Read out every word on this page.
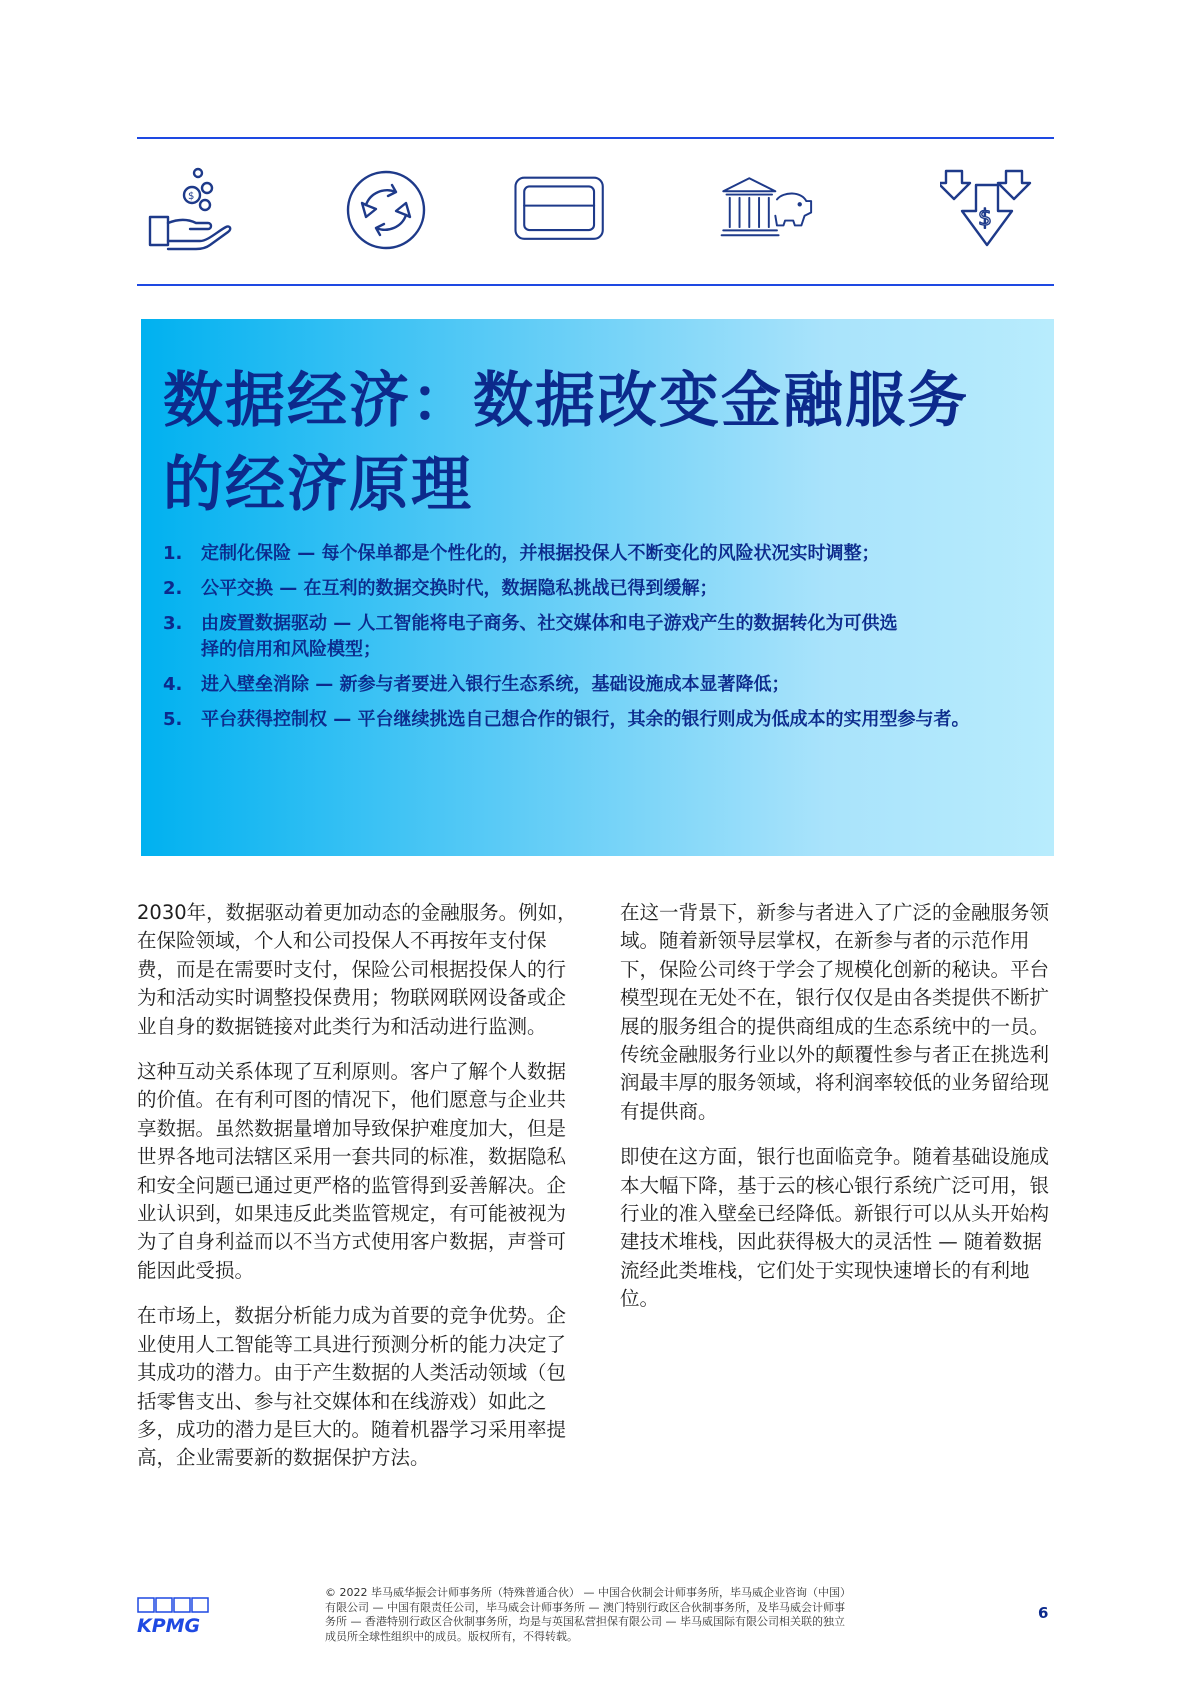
$
$
数据经济：数据改变金融服务
的经济原理
1. 定制化保险 — 每个保单都是个性化的，并根据投保人不断变化的风险状况实时调整；
2. 公平交换 — 在互利的数据交换时代，数据隐私挑战已得到缓解；
3. 由废置数据驱动 — 人工智能将电子商务、社交媒体和电子游戏产生的数据转化为可供选
择的信用和风险模型；
4. 进入壁垒消除 — 新参与者要进入银行生态系统，基础设施成本显著降低；
5. 平台获得控制权 — 平台继续挑选自己想合作的银行，其余的银行则成为低成本的实用型参与者。

2030年，数据驱动着更加动态的金融服务。例如，在保险领域，个人和公司投保人不再按年支付保费，而是在需要时支付，保险公司根据投保人的行为和活动实时调整投保费用；物联网联网设备或企业自身的数据链接对此类行为和活动进行监测。

这种互动关系体现了互利原则。客户了解个人数据的价值。在有利可图的情况下，他们愿意与企业共享数据。虽然数据量增加导致保护难度加大，但是世界各地司法辖区采用一套共同的标准，数据隐私和安全问题已通过更严格的监管得到妥善解决。企业认识到，如果违反此类监管规定，有可能被视为为了自身利益而以不当方式使用客户数据，声誉可能因此受损。

在市场上，数据分析能力成为首要的竞争优势。企业使用人工智能等工具进行预测分析的能力决定了其成功的潜力。由于产生数据的人类活动领域（包括零售支出、参与社交媒体和在线游戏）如此之多，成功的潜力是巨大的。随着机器学习采用率提高，企业需要新的数据保护方法。

在这一背景下，新参与者进入了广泛的金融服务领域。随着新领导层掌权，在新参与者的示范作用下，保险公司终于学会了规模化创新的秘诀。平台模型现在无处不在，银行仅仅是由各类提供不断扩展的服务组合的提供商组成的生态系统中的一员。传统金融服务行业以外的颠覆性参与者正在挑选利润最丰厚的服务领域，将利润率较低的业务留给现有提供商。

即使在这方面，银行也面临竞争。随着基础设施成本大幅下降，基于云的核心银行系统广泛可用，银行业的准入壁垒已经降低。新银行可以从头开始构建技术堆栈，因此获得极大的灵活性 — 随着数据流经此类堆栈，它们处于实现快速增长的有利地位。

KPMG
© 2022 毕马威华振会计师事务所（特殊普通合伙） — 中国合伙制会计师事务所，毕马威企业咨询（中国）
有限公司 — 中国有限责任公司，毕马威会计师事务所 — 澳门特别行政区合伙制事务所，及毕马威会计师事
务所 — 香港特别行政区合伙制事务所，均是与英国私营担保有限公司 — 毕马威国际有限公司相关联的独立
成员所全球性组织中的成员。版权所有，不得转载。
6
